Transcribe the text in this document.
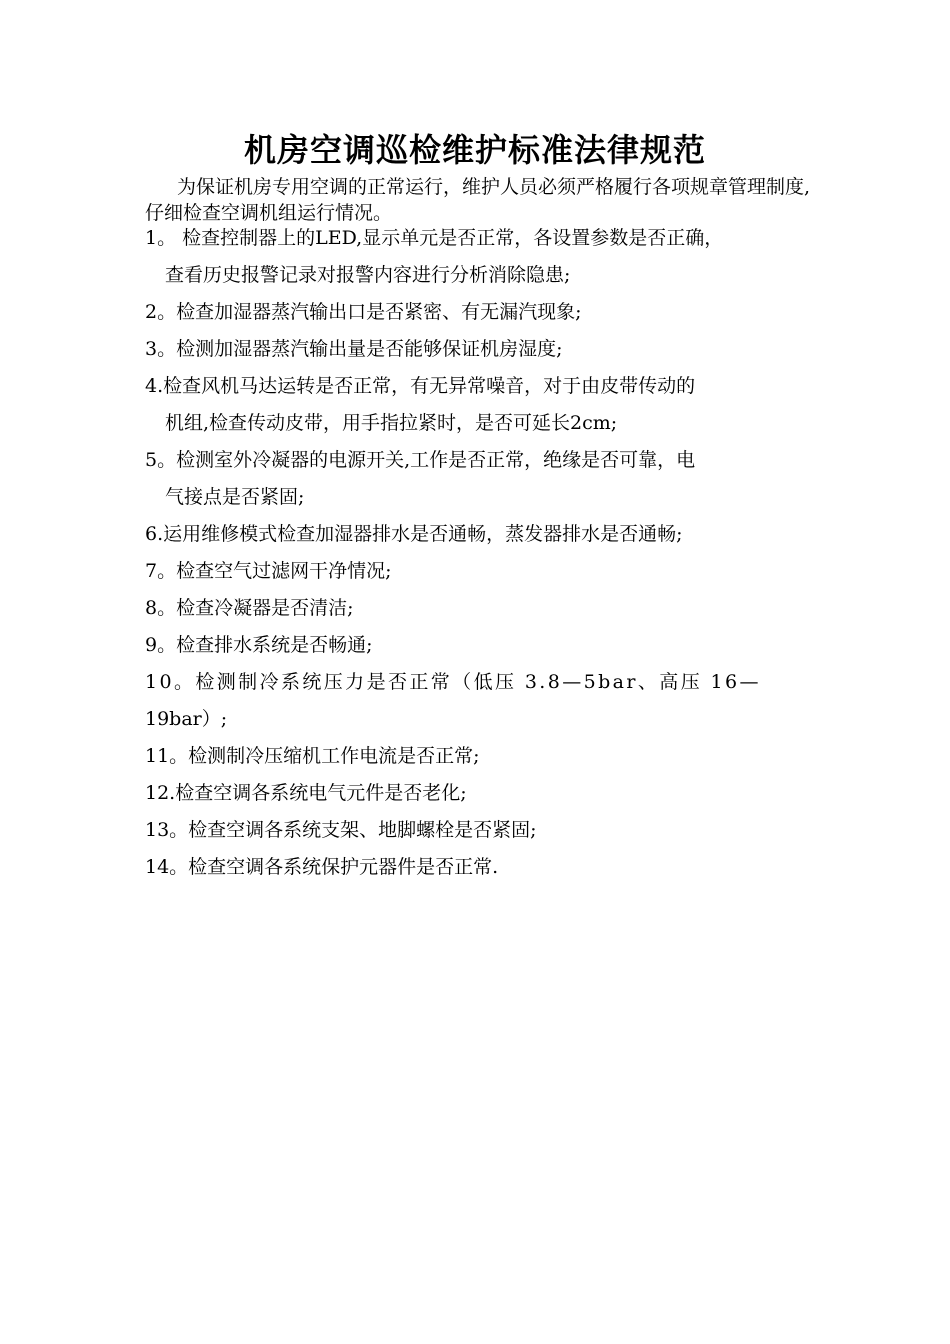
机房空调巡检维护标准法律规范

为保证机房专用空调的正常运行，维护人员必须严格履行各项规章管理制度,仔细检查空调机组运行情况。

1。 检查控制器上的LED,显示单元是否正常，各设置参数是否正确，
查看历史报警记录对报警内容进行分析消除隐患;
2。检查加湿器蒸汽输出口是否紧密、有无漏汽现象;
3。检测加湿器蒸汽输出量是否能够保证机房湿度;
4.检查风机马达运转是否正常，有无异常噪音，对于由皮带传动的
机组,检查传动皮带，用手指拉紧时，是否可延长2cm;
5。检测室外冷凝器的电源开关,工作是否正常，绝缘是否可靠，电
气接点是否紧固;
6.运用维修模式检查加湿器排水是否通畅，蒸发器排水是否通畅;
7。检查空气过滤网干净情况;
8。检查冷凝器是否清洁;
9。检查排水系统是否畅通;
10。检测制冷系统压力是否正常（低压 3.8—5bar、高压 16—
19bar）;
11。检测制冷压缩机工作电流是否正常;
12.检查空调各系统电气元件是否老化;
13。检查空调各系统支架、地脚螺栓是否紧固;
14。检查空调各系统保护元器件是否正常.
